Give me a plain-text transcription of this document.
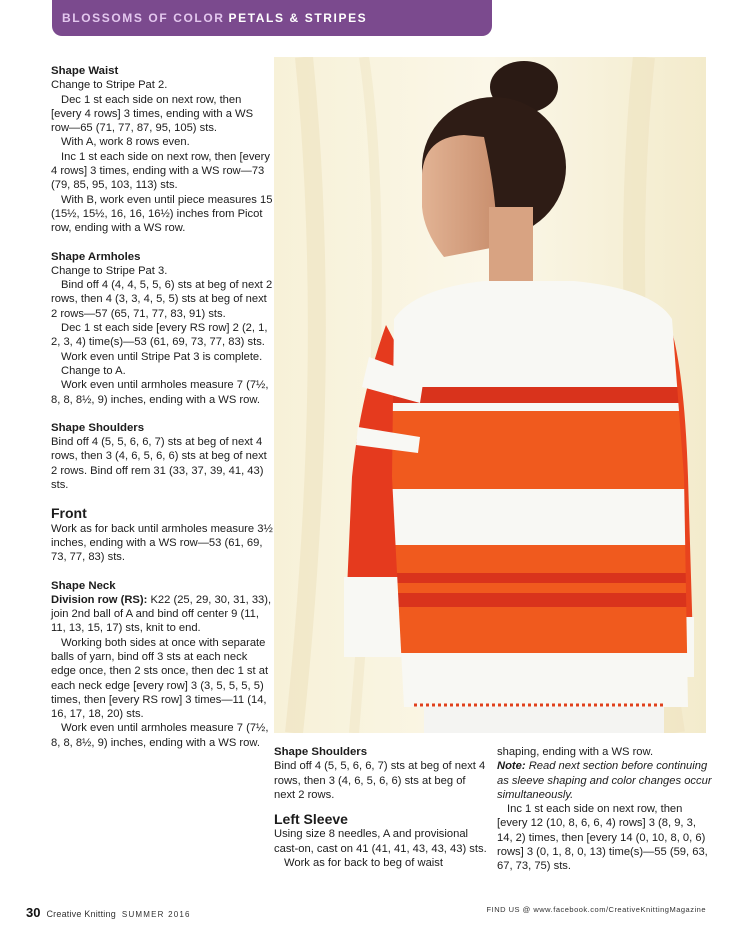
BLOSSOMS OF COLOR PETALS & STRIPES
Shape Waist

Change to Stripe Pat 2.

Dec 1 st each side on next row, then [every 4 rows] 3 times, ending with a WS row—65 (71, 77, 87, 95, 105) sts.

With A, work 8 rows even.

Inc 1 st each side on next row, then [every 4 rows] 3 times, ending with a WS row—73 (79, 85, 95, 103, 113) sts.

With B, work even until piece measures 15 (15½, 15½, 16, 16, 16½) inches from Picot row, ending with a WS row.

Shape Armholes

Change to Stripe Pat 3.

Bind off 4 (4, 4, 5, 5, 6) sts at beg of next 2 rows, then 4 (3, 3, 4, 5, 5) sts at beg of next 2 rows—57 (65, 71, 77, 83, 91) sts.

Dec 1 st each side [every RS row] 2 (2, 1, 2, 3, 4) time(s)—53 (61, 69, 73, 77, 83) sts.

Work even until Stripe Pat 3 is complete.

Change to A.

Work even until armholes measure 7 (7½, 8, 8, 8½, 9) inches, ending with a WS row.

Shape Shoulders

Bind off 4 (5, 5, 6, 6, 7) sts at beg of next 4 rows, then 3 (4, 6, 5, 6, 6) sts at beg of next 2 rows. Bind off rem 31 (33, 37, 39, 41, 43) sts.

Front

Work as for back until armholes measure 3½ inches, ending with a WS row—53 (61, 69, 73, 77, 83) sts.

Shape Neck

Division row (RS): K22 (25, 29, 30, 31, 33), join 2nd ball of A and bind off center 9 (11, 11, 13, 15, 17) sts, knit to end.

Working both sides at once with separate balls of yarn, bind off 3 sts at each neck edge once, then 2 sts once, then dec 1 st at each neck edge [every row] 3 (3, 5, 5, 5, 5) times, then [every RS row] 3 times—11 (14, 16, 17, 18, 20) sts.

Work even until armholes measure 7 (7½, 8, 8, 8½, 9) inches, ending with a WS row.

Shape Shoulders

Bind off 4 (5, 5, 6, 6, 7) sts at beg of next 4 rows, then 3 (4, 6, 5, 6, 6) sts at beg of next 2 rows.

Left Sleeve

Using size 8 needles, A and provisional cast-on, cast on 41 (41, 41, 43, 43, 43) sts.

Work as for back to beg of waist

shaping, ending with a WS row.

Note: Read next section before continuing as sleeve shaping and color changes occur simultaneously.

Inc 1 st each side on next row, then [every 12 (10, 8, 6, 6, 4) rows] 3 (8, 9, 3, 14, 2) times, then [every 14 (0, 10, 8, 0, 6) rows] 3 (0, 1, 8, 0, 13) time(s)—55 (59, 63, 67, 73, 75) sts.

30 Creative Knitting SUMMER 2016
FIND US @ www.facebook.com/CreativeKnittingMagazine
